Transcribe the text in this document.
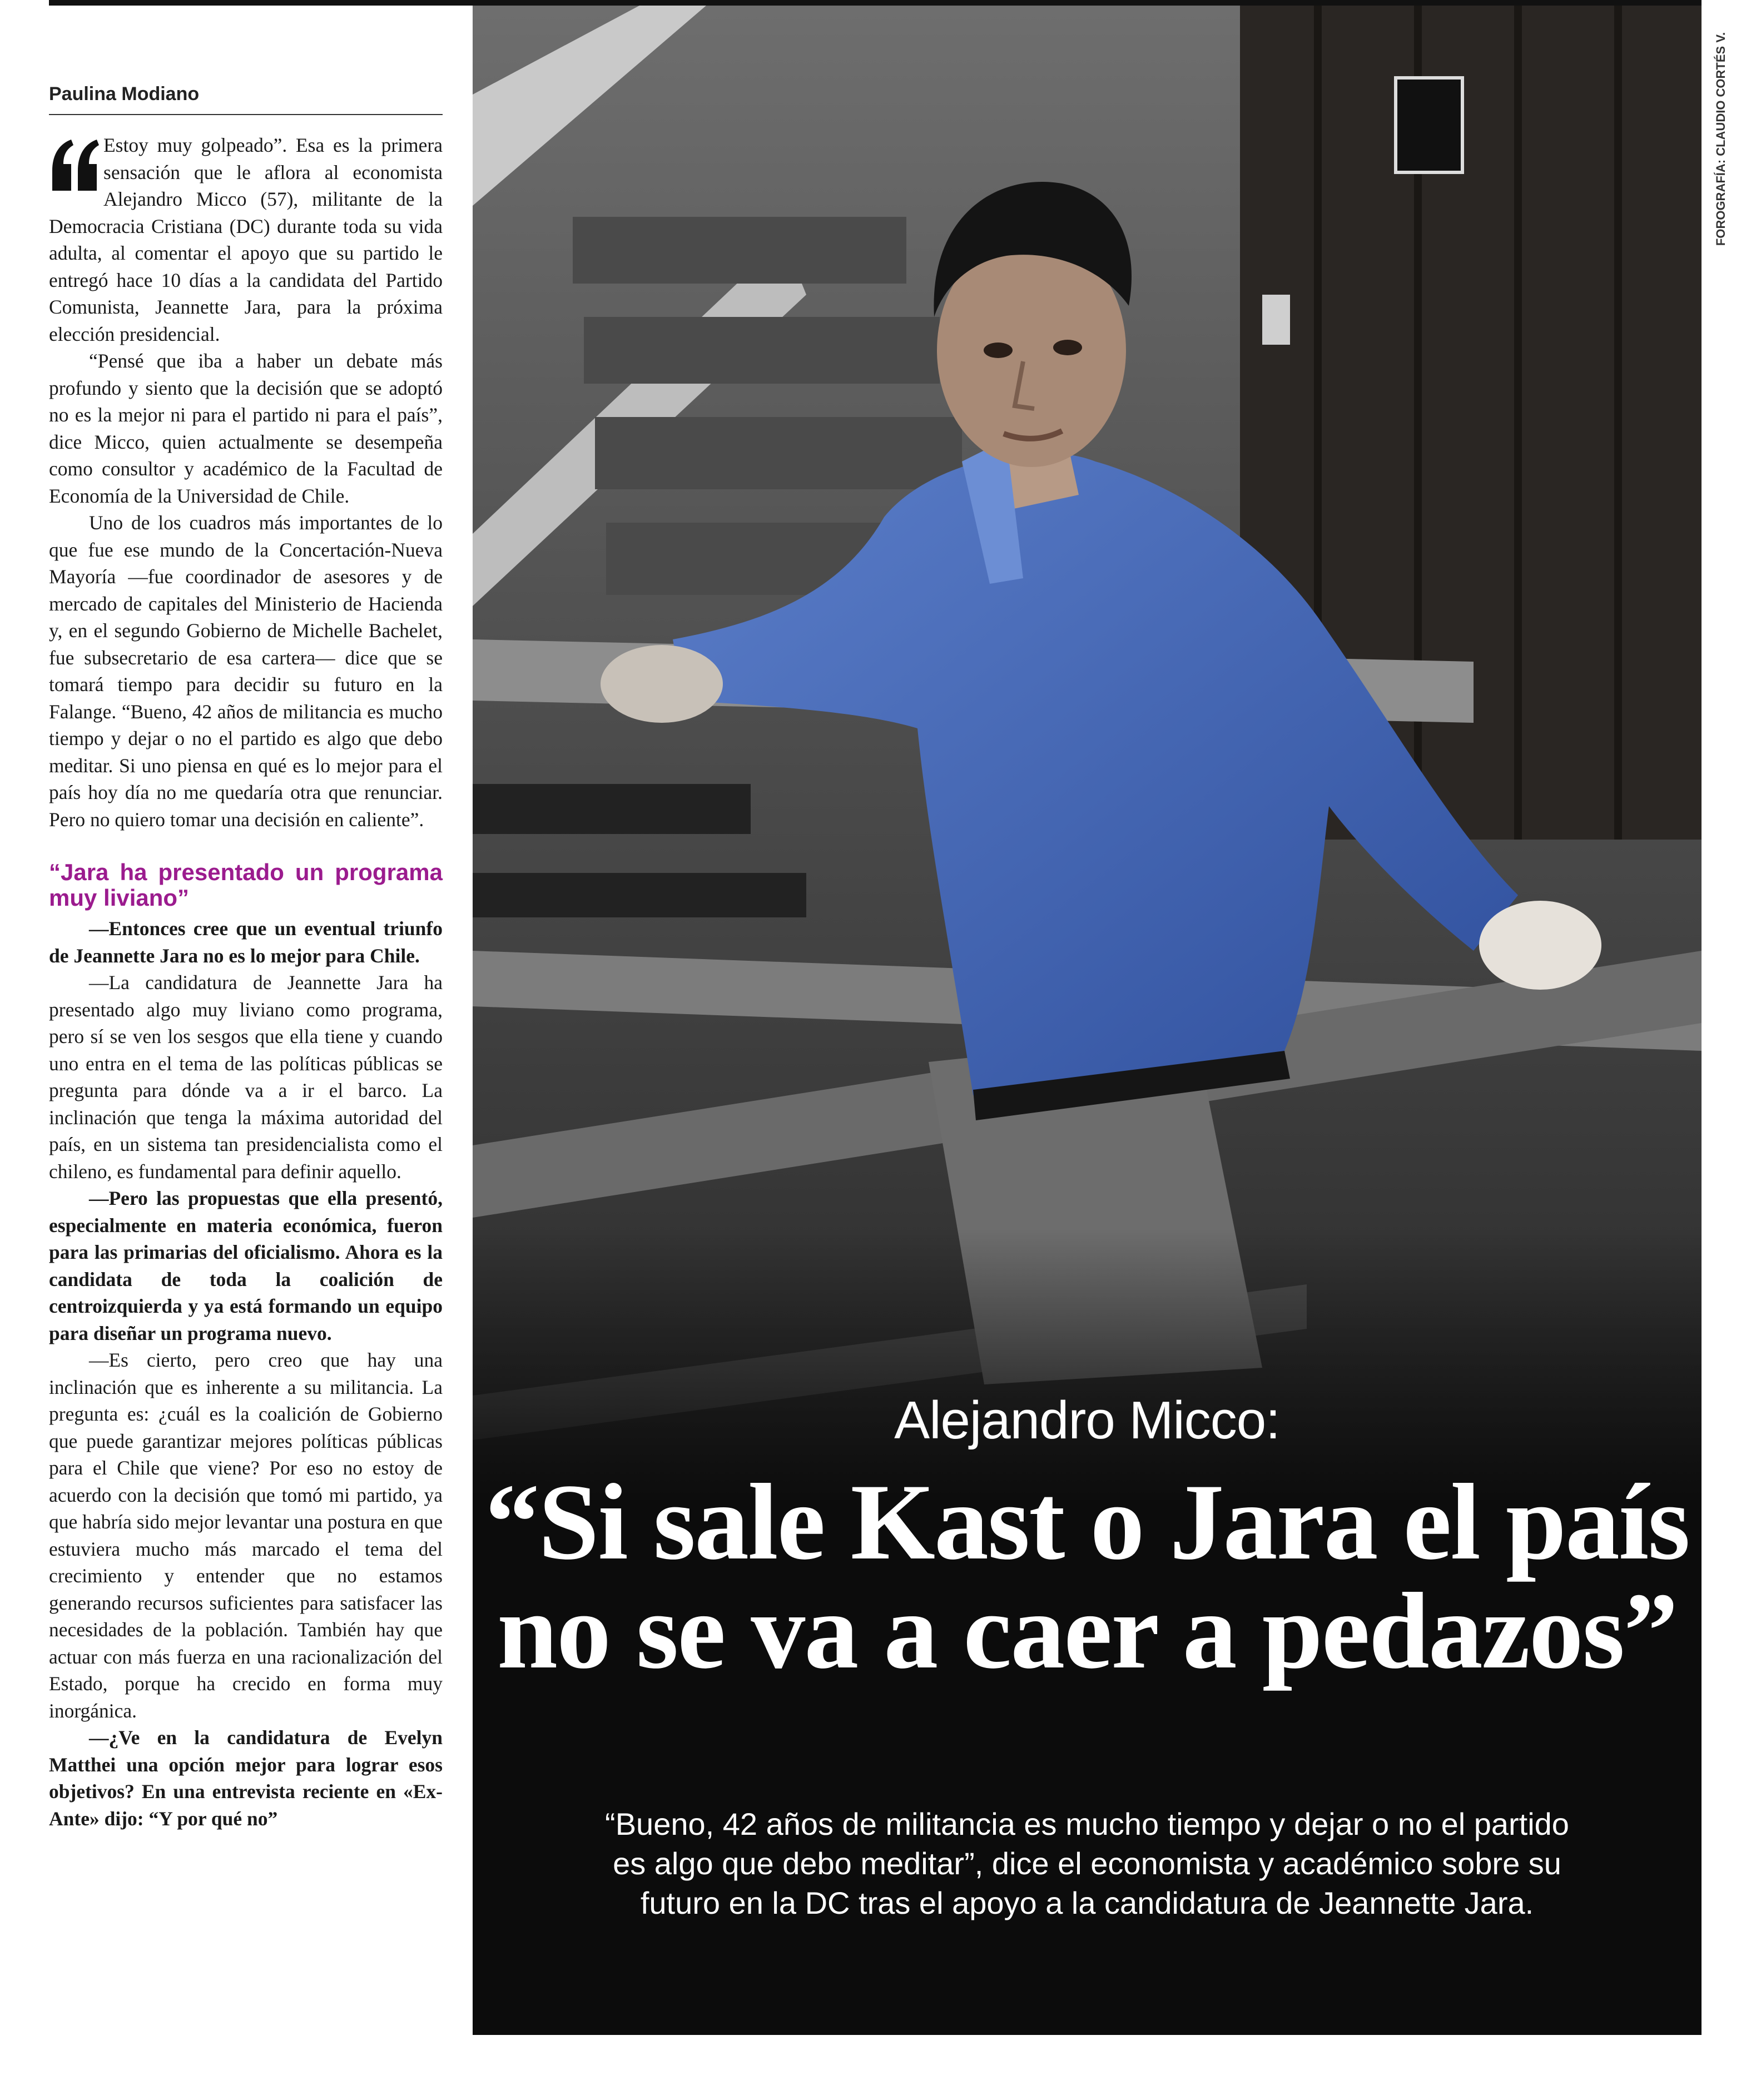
Paulina Modiano

Estoy muy golpeado”. Esa es la primera sensación que le aflora al economista Alejandro Micco (57), militante de la Democracia Cristiana (DC) durante toda su vida adulta, al comentar el apoyo que su partido le entregó hace 10 días a la candidata del Partido Comunista, Jeannette Jara, para la próxima elección presidencial.

“Pensé que iba a haber un debate más profundo y siento que la decisión que se adoptó no es la mejor ni para el partido ni para el país”, dice Micco, quien actualmente se desempeña como consultor y académico de la Facultad de Economía de la Universidad de Chile.

Uno de los cuadros más importantes de lo que fue ese mundo de la Concertación-Nueva Mayoría —fue coordinador de asesores y de mercado de capitales del Ministerio de Hacienda y, en el segundo Gobierno de Michelle Bachelet, fue subsecretario de esa cartera— dice que se tomará tiempo para decidir su futuro en la Falange. “Bueno, 42 años de militancia es mucho tiempo y dejar o no el partido es algo que debo meditar. Si uno piensa en qué es lo mejor para el país hoy día no me quedaría otra que renunciar. Pero no quiero tomar una decisión en caliente”.

“Jara ha presentado un programa muy liviano”

—Entonces cree que un eventual triunfo de Jeannette Jara no es lo mejor para Chile.

—La candidatura de Jeannette Jara ha presentado algo muy liviano como programa, pero sí se ven los sesgos que ella tiene y cuando uno entra en el tema de las políticas públicas se pregunta para dónde va a ir el barco. La inclinación que tenga la máxima autoridad del país, en un sistema tan presidencialista como el chileno, es fundamental para definir aquello.

—Pero las propuestas que ella presentó, especialmente en materia económica, fueron para las primarias del oficialismo. Ahora es la candidata de toda la coalición de centroizquierda y ya está formando un equipo para diseñar un programa nuevo.

—Es cierto, pero creo que hay una inclinación que es inherente a su militancia. La pregunta es: ¿cuál es la coalición de Gobierno que puede garantizar mejores políticas públicas para el Chile que viene? Por eso no estoy de acuerdo con la decisión que tomó mi partido, ya que habría sido mejor levantar una postura en que estuviera mucho más marcado el tema del crecimiento y entender que no estamos generando recursos suficientes para satisfacer las necesidades de la población. También hay que actuar con más fuerza en una racionalización del Estado, porque ha crecido en forma muy inorgánica.

—¿Ve en la candidatura de Evelyn Matthei una opción mejor para lograr esos objetivos? En una entrevista reciente en «Ex-Ante» dijo: “Y por qué no”

FOROGRAFÍA: CLAUDIO CORTÉS V.
Alejandro Micco:
“Si sale Kast o Jara el país no se va a caer a pedazos”
“Bueno, 42 años de militancia es mucho tiempo y dejar o no el partido es algo que debo meditar”, dice el economista y académico sobre su futuro en la DC tras el apoyo a la candidatura de Jeannette Jara.
